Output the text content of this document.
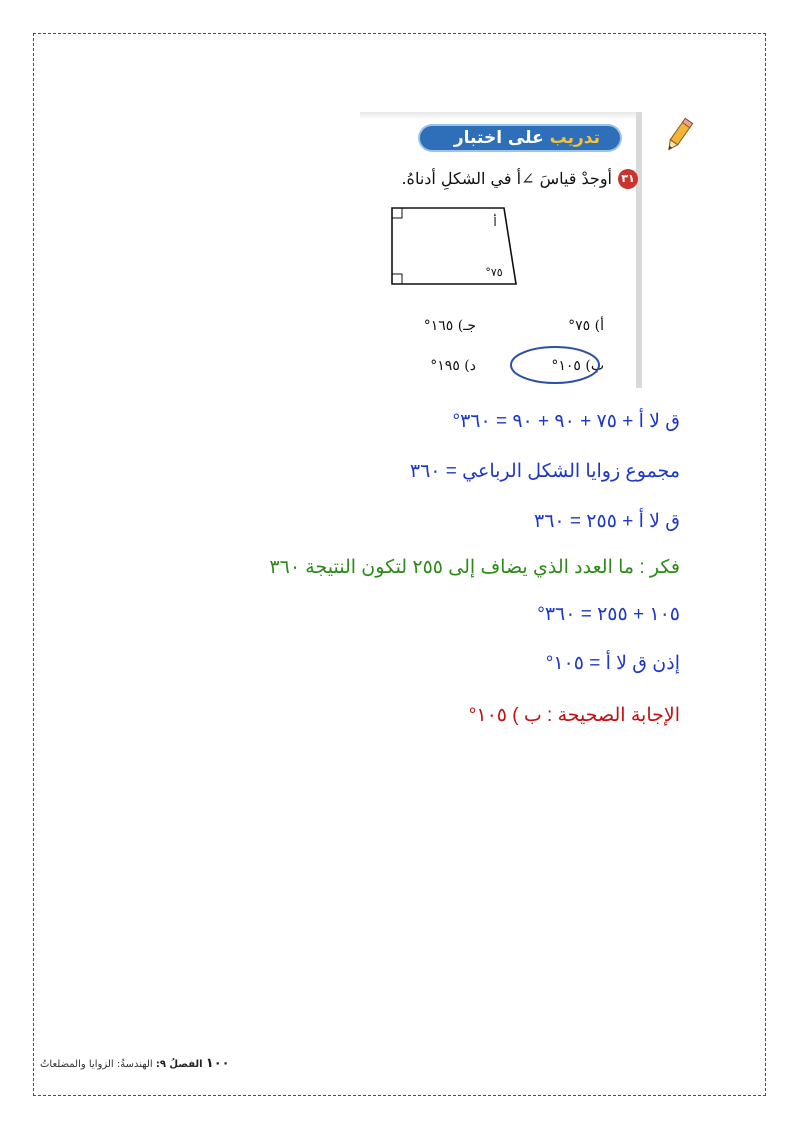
تدريب على اختبار
٣١
أوجدْ قياسَ ∠أ في الشكلِ أدناهُ.
أ
°٧٥
أ) ٧٥°
جـ) ١٦٥°
ب) ١٠٥°
د) ١٩٥°
ق لا أ + ٧٥ + ٩٠ + ٩٠ = ٣٦٠°
مجموع زوايا الشكل الرباعي = ٣٦٠
ق لا أ + ٢٥٥ = ٣٦٠
فكر : ما العدد الذي يضاف إلى ٢٥٥ لتكون النتيجة ٣٦٠
١٠٥ + ٢٥٥ = ٣٦٠°
إذن ق لا أ = ١٠٥°
الإجابة الصحيحة : ب ) ١٠٥°
١٠٠ الفصلُ ٩: الهندسةُ: الزوايا والمضلعاتُ
